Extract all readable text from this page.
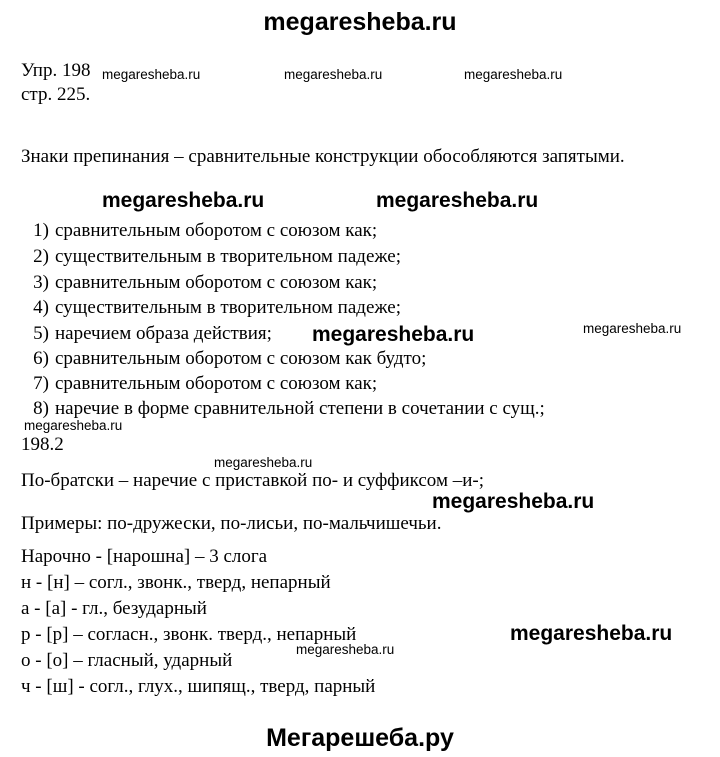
megaresheba.ru
Упр. 198
стр. 225.
Знаки препинания – сравнительные конструкции обособляются запятыми.
1) сравнительным оборотом с союзом как;
2) существительным в творительном падеже;
3) сравнительным оборотом с союзом как;
4) существительным в творительном падеже;
5) наречием образа действия;
6) сравнительным оборотом с союзом как будто;
7) сравнительным оборотом с союзом как;
8) наречие в форме сравнительной степени в сочетании с сущ.;
198.2
По-братски – наречие с приставкой по- и суффиксом –и-;
Примеры: по-дружески, по-лисьи, по-мальчишечьи.
Нарочно - [нарошна] – 3 слога
н - [н] – согл., звонк., тверд, непарный
а - [а] - гл., безударный
р - [р] – согласн., звонк. тверд., непарный
о - [о] – гласный, ударный
ч - [ш] - согл., глух., шипящ., тверд, парный
megaresheba.ru	megaresheba.ru	megaresheba.ru
megaresheba.ru
megaresheba.ru
megaresheba.ru
megaresheba.ru
megaresheba.ru	megaresheba.ru
megaresheba.ru
megaresheba.ru
megaresheba.ru
Мегарешеба.ру
